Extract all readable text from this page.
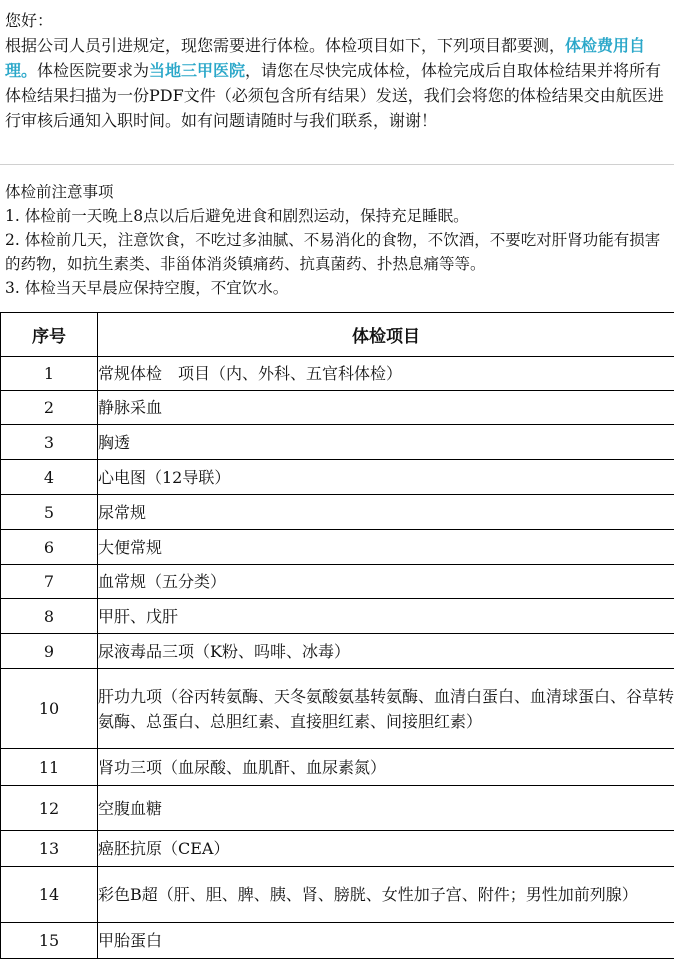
您好：

根据公司人员引进规定，现您需要进行体检。体检项目如下，下列项目都要测，体检费用自理。体检医院要求为当地三甲医院，请您在尽快完成体检，体检完成后自取体检结果并将所有体检结果扫描为一份PDF文件（必须包含所有结果）发送，我们会将您的体检结果交由航医进行审核后通知入职时间。如有问题请随时与我们联系，谢谢！

体检前注意事项

1. 体检前一天晚上8点以后后避免进食和剧烈运动，保持充足睡眠。

2. 体检前几天，注意饮食，不吃过多油腻、不易消化的食物，不饮酒，不要吃对肝肾功能有损害的药物，如抗生素类、非甾体消炎镇痛药、抗真菌药、扑热息痛等等。

3. 体检当天早晨应保持空腹，不宜饮水。

序号	体检项目
1	常规体检　项目（内、外科、五官科体检）
2	静脉采血
3	胸透
4	心电图（12导联）
5	尿常规
6	大便常规
7	血常规（五分类）
8	甲肝、戊肝
9	尿液毒品三项（K粉、吗啡、冰毒）
10	肝功九项（谷丙转氨酶、天冬氨酸氨基转氨酶、血清白蛋白、血清球蛋白、谷草转氨酶、总蛋白、总胆红素、直接胆红素、间接胆红素）
11	肾功三项（血尿酸、血肌酐、血尿素氮）
12	空腹血糖
13	癌胚抗原（CEA）
14	彩色B超（肝、胆、脾、胰、肾、膀胱、女性加子宫、附件；男性加前列腺）
15	甲胎蛋白
